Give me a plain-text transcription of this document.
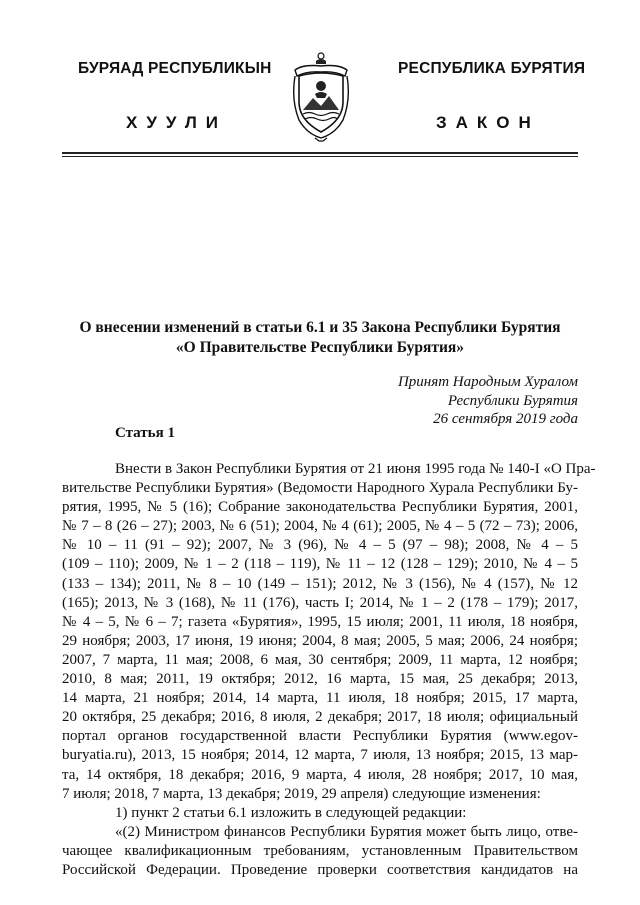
БУРЯАД РЕСПУБЛИКЫН	РЕСПУБЛИКА БУРЯТИЯ
ХУУЛИ	ЗАКОН
О внесении изменений в статьи 6.1 и 35 Закона Республики Бурятия
«О Правительстве Республики Бурятия»
Принят Народным Хуралом
Республики Бурятия
26 сентября 2019 года
Статья 1

Внести в Закон Республики Бурятия от 21 июня 1995 года № 140-I «О Пра-
вительстве Республики Бурятия» (Ведомости Народного Хурала Республики Бу-
рятия, 1995, № 5 (16); Собрание законодательства Республики Бурятия, 2001,
№ 7 – 8 (26 – 27); 2003, № 6 (51); 2004, № 4 (61); 2005, № 4 – 5 (72 – 73); 2006,
№ 10 – 11 (91 – 92); 2007, № 3 (96), № 4 – 5 (97 – 98); 2008, № 4 – 5
(109 – 110); 2009, № 1 – 2 (118 – 119), № 11 – 12 (128 – 129); 2010, № 4 – 5
(133 – 134); 2011, № 8 – 10 (149 – 151); 2012, № 3 (156), № 4 (157), № 12
(165); 2013, № 3 (168), № 11 (176), часть I; 2014, № 1 – 2 (178 – 179); 2017,
№ 4 – 5, № 6 – 7; газета «Бурятия», 1995, 15 июля; 2001, 11 июля, 18 ноября,
29 ноября; 2003, 17 июня, 19 июня; 2004, 8 мая; 2005, 5 мая; 2006, 24 ноября;
2007, 7 марта, 11 мая; 2008, 6 мая, 30 сентября; 2009, 11 марта, 12 ноября;
2010, 8 мая; 2011, 19 октября; 2012, 16 марта, 15 мая, 25 декабря; 2013,
14 марта, 21 ноября; 2014, 14 марта, 11 июля, 18 ноября; 2015, 17 марта,
20 октября, 25 декабря; 2016, 8 июля, 2 декабря; 2017, 18 июля; официальный
портал органов государственной власти Республики Бурятия (www.egov-
buryatia.ru), 2013, 15 ноября; 2014, 12 марта, 7 июля, 13 ноября; 2015, 13 мар-
та, 14 октября, 18 декабря; 2016, 9 марта, 4 июля, 28 ноября; 2017, 10 мая,
7 июля; 2018, 7 марта, 13 декабря; 2019, 29 апреля) следующие изменения:

1) пункт 2 статьи 6.1 изложить в следующей редакции:

«(2) Министром финансов Республики Бурятия может быть лицо, отве-
чающее квалификационным требованиям, установленным Правительством
Российской Федерации. Проведение проверки соответствия кандидатов на
